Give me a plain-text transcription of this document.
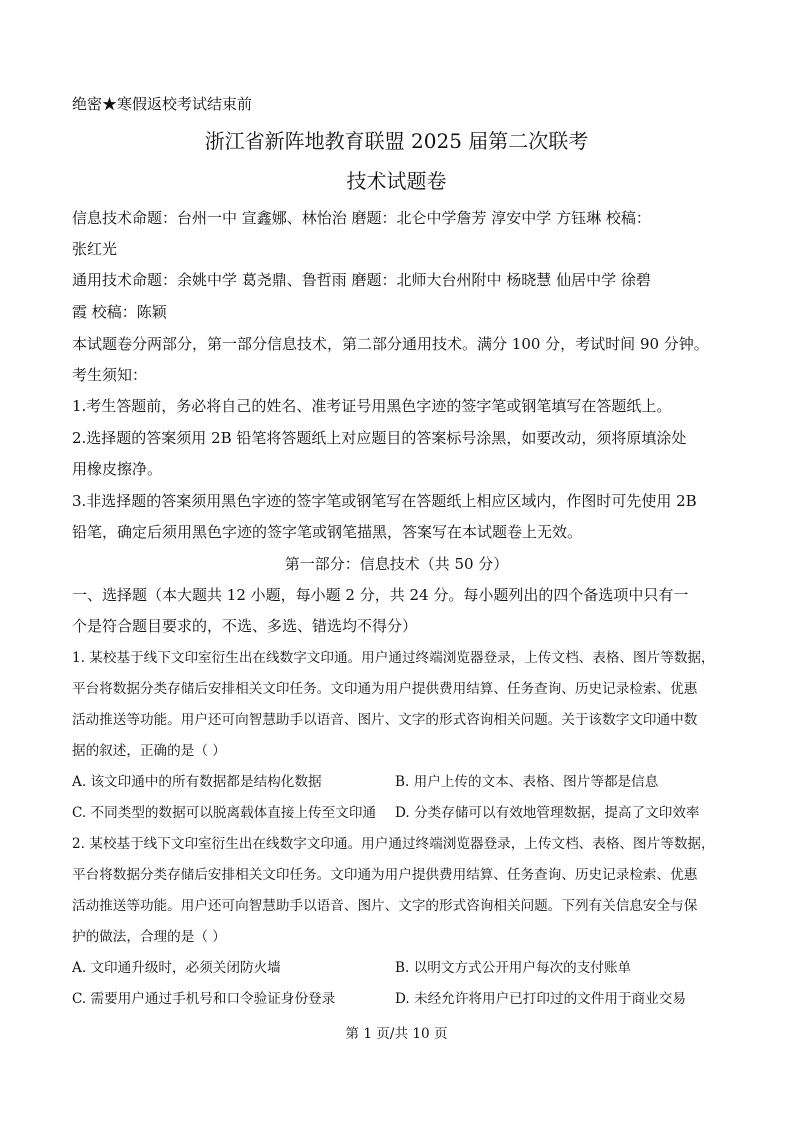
绝密★寒假返校考试结束前
浙江省新阵地教育联盟 2025 届第二次联考
技术试题卷
信息技术命题：台州一中 宣鑫娜、林怡治 磨题：北仑中学詹芳 淳安中学 方钰琳 校稿：
张红光
通用技术命题：余姚中学 葛尧鼎、鲁哲雨 磨题：北师大台州附中 杨晓慧 仙居中学 徐碧
霞 校稿：陈颖
本试题卷分两部分，第一部分信息技术，第二部分通用技术。满分 100 分，考试时间 90 分钟。
考生须知：
1.考生答题前，务必将自己的姓名、准考证号用黑色字迹的签字笔或钢笔填写在答题纸上。
2.选择题的答案须用 2B 铅笔将答题纸上对应题目的答案标号涂黑，如要改动，须将原填涂处
用橡皮擦净。
3.非选择题的答案须用黑色字迹的签字笔或钢笔写在答题纸上相应区域内，作图时可先使用 2B
铅笔，确定后须用黑色字迹的签字笔或钢笔描黑，答案写在本试题卷上无效。
第一部分：信息技术（共 50 分）
一、选择题（本大题共 12 小题，每小题 2 分，共 24 分。每小题列出的四个备选项中只有一
个是符合题目要求的，不选、多选、错选均不得分）
1. 某校基于线下文印室衍生出在线数字文印通。用户通过终端浏览器登录，上传文档、表格、图片等数据，
平台将数据分类存储后安排相关文印任务。文印通为用户提供费用结算、任务查询、历史记录检索、优惠
活动推送等功能。用户还可向智慧助手以语音、图片、文字的形式咨询相关问题。关于该数字文印通中数
据的叙述，正确的是（ ）
A. 该文印通中的所有数据都是结构化数据	B. 用户上传的文本、表格、图片等都是信息
C. 不同类型的数据可以脱离载体直接上传至文印通 D. 分类存储可以有效地管理数据，提高了文印效率
2. 某校基于线下文印室衍生出在线数字文印通。用户通过终端浏览器登录，上传文档、表格、图片等数据，
平台将数据分类存储后安排相关文印任务。文印通为用户提供费用结算、任务查询、历史记录检索、优惠
活动推送等功能。用户还可向智慧助手以语音、图片、文字的形式咨询相关问题。下列有关信息安全与保
护的做法，合理的是（ ）
A. 文印通升级时，必须关闭防火墙	B. 以明文方式公开用户每次的支付账单
C. 需要用户通过手机号和口令验证身份登录	D. 未经允许将用户已打印过的文件用于商业交易
第 1 页/共 10 页
